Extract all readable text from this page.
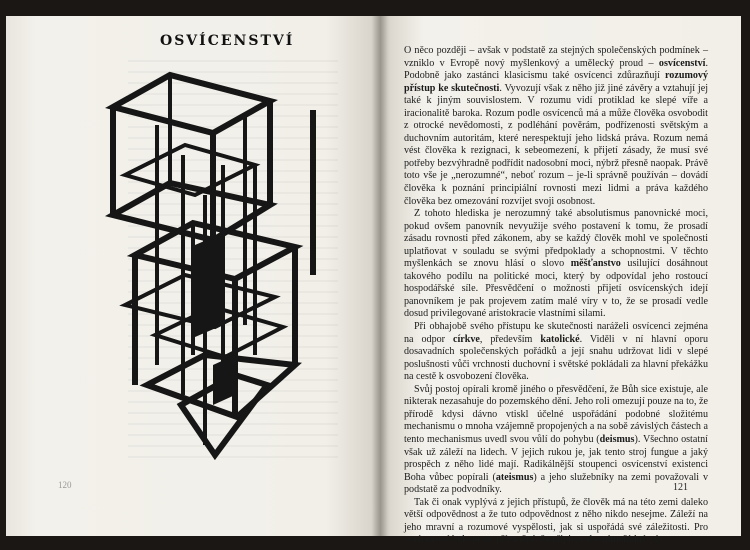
OSVÍCENSTVÍ
120

O něco později – avšak v podstatě za stejných společenských podmínek – vzniklo v Evropě nový myšlenkový a umělecký proud – osvícenství. Podobně jako zastánci klasicismu také osvícenci zdůrazňují rozumový přístup ke skutečnosti. Vyvozují však z něho již jiné závěry a vztahují jej také k jiným souvislostem. V rozumu vidí protiklad ke slepé víře a iracionalitě baroka. Rozum podle osvícenců má a může člověka osvobodit z otrocké nevědomosti, z podléhání pověrám, podřízenosti světským a duchovním autoritám, které nerespektují jeho lidská práva. Rozum nemá vést člověka k rezignaci, k sebeomezení, k přijetí zásady, že musí své potřeby bezvýhradně podřídit nadosobní moci, nýbrž přesně naopak. Právě toto vše je „nerozumné“, neboť rozum – je-li správně používán – dovádí člověka k poznání principiální rovnosti mezi lidmi a práva každého člověka bez omezování rozvíjet svoji osobnost.

Z tohoto hlediska je nerozumný také absolutismus panovnické moci, pokud ovšem panovník nevyužije svého postavení k tomu, že prosadí zásadu rovnosti před zákonem, aby se každý člověk mohl ve společnosti uplatňovat v souladu se svými předpoklady a schopnostmi. V těchto myšlenkách se znovu hlásí o slovo měšťanstvo usilující dosáhnout takového podílu na politické moci, který by odpovídal jeho rostoucí hospodářské síle. Přesvědčení o možnosti přijetí osvícenských idejí panovníkem je pak projevem zatím malé víry v to, že se prosadí vedle dosud privilegované aristokracie vlastními silami.

Při obhajobě svého přístupu ke skutečnosti naráželi osvícenci zejména na odpor církve, především katolické. Viděli v ní hlavní oporu dosavadních společenských pořádků a její snahu udržovat lidi v slepé poslušnosti vůči vrchnosti duchovní i světské pokládali za hlavní překážku na cestě k osvobození člověka.

Svůj postoj opírali kromě jiného o přesvědčení, že Bůh sice existuje, ale nikterak nezasahuje do pozemského dění. Jeho roli omezují pouze na to, že přírodě kdysi dávno vtiskl účelné uspořádání podobné složitému mechanismu o mnoha vzájemně propojených a na sobě závislých částech a tento mechanismus uvedl svou vůlí do pohybu (deismus). Všechno ostatní však už záleží na lidech. V jejich rukou je, jak tento stroj fungue a jaký prospěch z něho lidé mají. Radikálnější stoupenci osvícenství existenci Boha vůbec popírali (ateismus) a jeho služebníky na zemi považovali v podstatě za podvodníky.

Tak či onak vyplývá z jejich přístupů, že člověk má na této zemi daleko větší odpovědnost a že tuto odpovědnost z něho nikdo nesejme. Záleží na jeho mravní a rozumové vyspělosti, jak si uspořádá své záležitosti. Pro osvícenství bylo proto příznačné, že připisovalo mimořádný vý-

121
